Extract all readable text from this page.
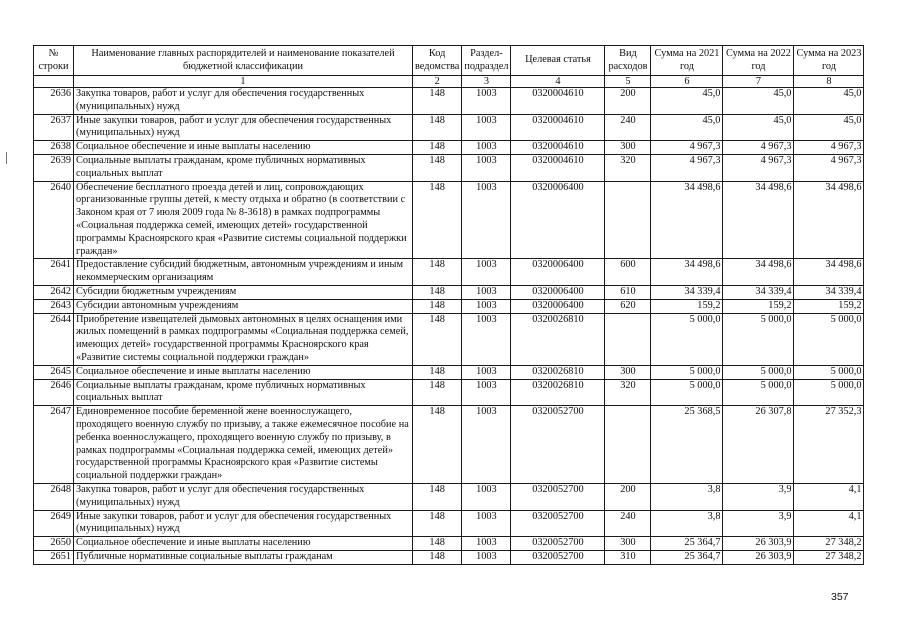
№ строки	Наименование главных распорядителей и наименование показателей бюджетной классификации	Код ведомства	Раздел-подраздел	Целевая статья	Вид расходов	Сумма на 2021 год	Сумма на 2022 год	Сумма на 2023 год
	1	2	3	4	5	6	7	8
2636	Закупка товаров, работ и услуг для обеспечения государственных (муниципальных) нужд	148	1003	0320004610	200	45,0	45,0	45,0
2637	Иные закупки товаров, работ и услуг для обеспечения государственных (муниципальных) нужд	148	1003	0320004610	240	45,0	45,0	45,0
2638	Социальное обеспечение и иные выплаты населению	148	1003	0320004610	300	4 967,3	4 967,3	4 967,3
2639	Социальные выплаты гражданам, кроме публичных нормативных социальных выплат	148	1003	0320004610	320	4 967,3	4 967,3	4 967,3
2640	Обеспечение бесплатного проезда детей и лиц, сопровождающих организованные группы детей, к месту отдыха и обратно (в соответствии с Законом края от 7 июля 2009 года № 8-3618) в рамках подпрограммы «Социальная поддержка семей, имеющих детей» государственной программы Красноярского края «Развитие системы социальной поддержки граждан»	148	1003	0320006400		34 498,6	34 498,6	34 498,6
2641	Предоставление субсидий бюджетным, автономным учреждениям и иным некоммерческим организациям	148	1003	0320006400	600	34 498,6	34 498,6	34 498,6
2642	Субсидии бюджетным учреждениям	148	1003	0320006400	610	34 339,4	34 339,4	34 339,4
2643	Субсидии автономным учреждениям	148	1003	0320006400	620	159,2	159,2	159,2
2644	Приобретение извещателей дымовых автономных в целях оснащения ими жилых помещений в рамках подпрограммы «Социальная поддержка семей, имеющих детей» государственной программы Красноярского края «Развитие системы социальной поддержки граждан»	148	1003	0320026810		5 000,0	5 000,0	5 000,0
2645	Социальное обеспечение и иные выплаты населению	148	1003	0320026810	300	5 000,0	5 000,0	5 000,0
2646	Социальные выплаты гражданам, кроме публичных нормативных социальных выплат	148	1003	0320026810	320	5 000,0	5 000,0	5 000,0
2647	Единовременное пособие беременной жене военнослужащего, проходящего военную службу по призыву, а также ежемесячное пособие на ребенка военнослужащего, проходящего военную службу по призыву, в рамках подпрограммы «Социальная поддержка семей, имеющих детей» государственной программы Красноярского края «Развитие системы социальной поддержки граждан»	148	1003	0320052700		25 368,5	26 307,8	27 352,3
2648	Закупка товаров, работ и услуг для обеспечения государственных (муниципальных) нужд	148	1003	0320052700	200	3,8	3,9	4,1
2649	Иные закупки товаров, работ и услуг для обеспечения государственных (муниципальных) нужд	148	1003	0320052700	240	3,8	3,9	4,1
2650	Социальное обеспечение и иные выплаты населению	148	1003	0320052700	300	25 364,7	26 303,9	27 348,2
2651	Публичные нормативные социальные выплаты гражданам	148	1003	0320052700	310	25 364,7	26 303,9	27 348,2
357
